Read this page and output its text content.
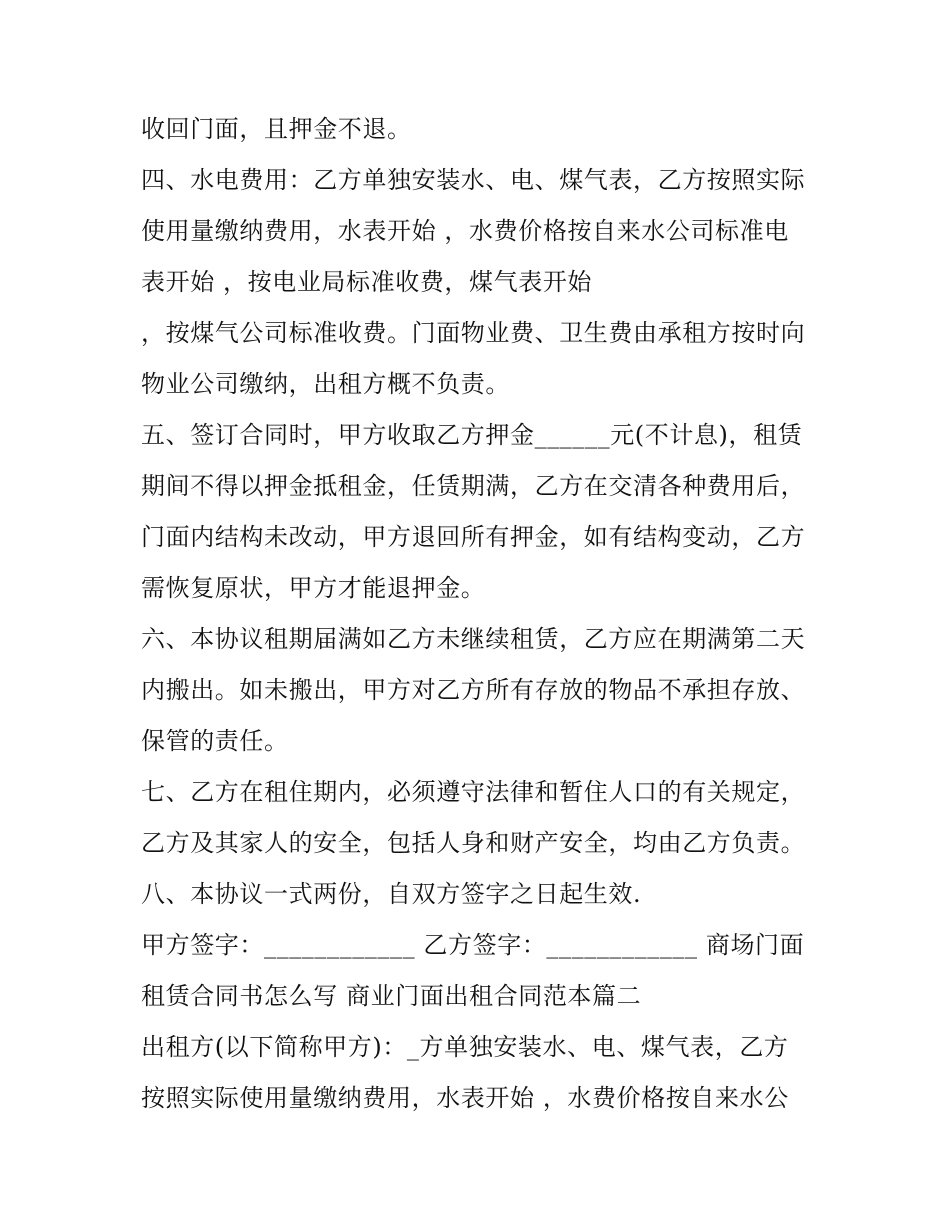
收回门面，且押金不退。
四、水电费用：乙方单独安装水、电、煤气表，乙方按照实际
使用量缴纳费用，水表开始 ，水费价格按自来水公司标准电
表开始 ，按电业局标准收费，煤气表开始
，按煤气公司标准收费。门面物业费、卫生费由承租方按时向
物业公司缴纳，出租方概不负责。
五、签订合同时，甲方收取乙方押金______元(不计息)，租赁
期间不得以押金抵租金，任赁期满，乙方在交清各种费用后，
门面内结构未改动，甲方退回所有押金，如有结构变动，乙方
需恢复原状，甲方才能退押金。
六、本协议租期届满如乙方未继续租赁，乙方应在期满第二天
内搬出。如未搬出，甲方对乙方所有存放的物品不承担存放、
保管的责任。
七、乙方在租住期内，必须遵守法律和暂住人口的有关规定，
乙方及其家人的安全，包括人身和财产安全，均由乙方负责。
八、本协议一式两份，自双方签字之日起生效.
甲方签字：____________ 乙方签字：____________ 商场门面
租赁合同书怎么写 商业门面出租合同范本篇二
出租方(以下简称甲方)：_方单独安装水、电、煤气表，乙方
按照实际使用量缴纳费用，水表开始 ，水费价格按自来水公
